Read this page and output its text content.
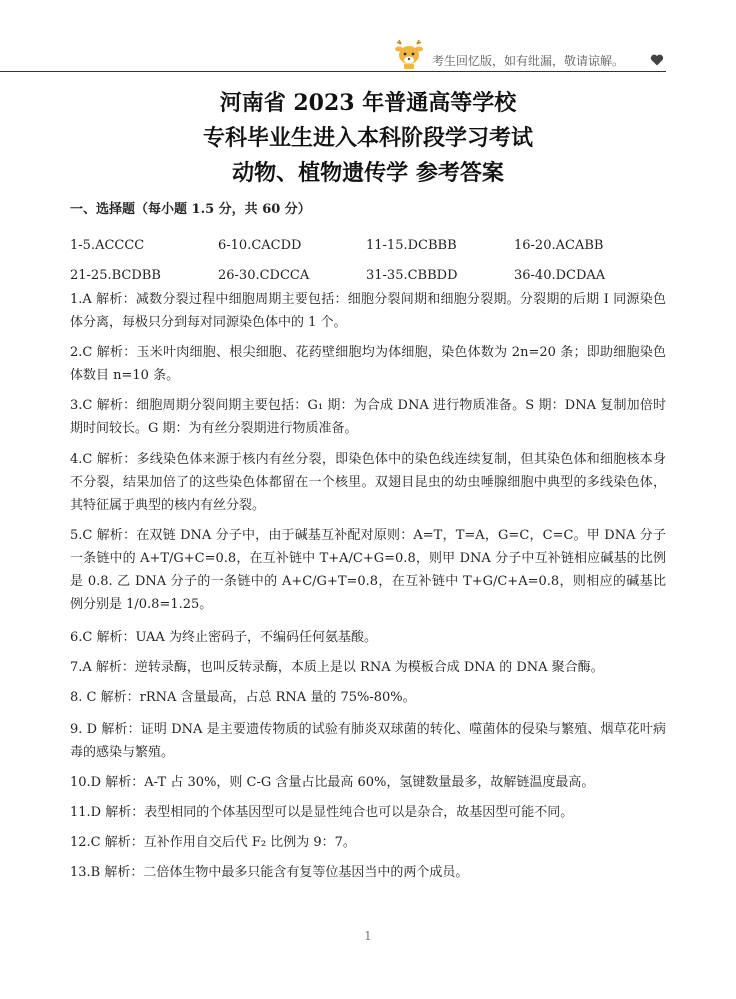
考生回忆版，如有纰漏，敬请谅解。
河南省 2023 年普通高等学校
专科毕业生进入本科阶段学习考试
动物、植物遗传学 参考答案
一、选择题（每小题 1.5 分，共 60 分）
1-5.ACCCC	6-10.CACDD	11-15.DCBBB	16-20.ACABB
21-25.BCDBB	26-30.CDCCA	31-35.CBBDD	36-40.DCDAA

1.A 解析：减数分裂过程中细胞周期主要包括：细胞分裂间期和细胞分裂期。分裂期的后期 I 同源染色体分离，每极只分到每对同源染色体中的 1 个。

2.C 解析：玉米叶肉细胞、根尖细胞、花药壁细胞均为体细胞，染色体数为 2n=20 条；即助细胞染色体数目 n=10 条。

3.C 解析：细胞周期分裂间期主要包括：G₁ 期：为合成 DNA 进行物质准备。S 期：DNA 复制加倍时期时间较长。G 期：为有丝分裂期进行物质准备。

4.C 解析：多线染色体来源于核内有丝分裂，即染色体中的染色线连续复制，但其染色体和细胞核本身不分裂，结果加倍了的这些染色体都留在一个核里。双翅目昆虫的幼虫唾腺细胞中典型的多线染色体，其特征属于典型的核内有丝分裂。

5.C 解析：在双链 DNA 分子中，由于碱基互补配对原则：A=T，T=A，G=C，C=C。甲 DNA 分子一条链中的 A+T/G+C=0.8，在互补链中 T+A/C+G=0.8，则甲 DNA 分子中互补链相应碱基的比例是 0.8. 乙 DNA 分子的一条链中的 A+C/G+T=0.8，在互补链中 T+G/C+A=0.8，则相应的碱基比例分别是 1/0.8=1.25。

6.C 解析：UAA 为终止密码子，不编码任何氨基酸。

7.A 解析：逆转录酶，也叫反转录酶，本质上是以 RNA 为模板合成 DNA 的 DNA 聚合酶。

8. C 解析：rRNA 含量最高，占总 RNA 量的 75%-80%。

9. D 解析：证明 DNA 是主要遗传物质的试验有肺炎双球菌的转化、噬菌体的侵染与繁殖、烟草花叶病毒的感染与繁殖。

10.D 解析：A-T 占 30%，则 C-G 含量占比最高 60%，氢键数量最多，故解链温度最高。

11.D 解析：表型相同的个体基因型可以是显性纯合也可以是杂合，故基因型可能不同。

12.C 解析：互补作用自交后代 F₂ 比例为 9：7。

13.B 解析：二倍体生物中最多只能含有复等位基因当中的两个成员。

1
